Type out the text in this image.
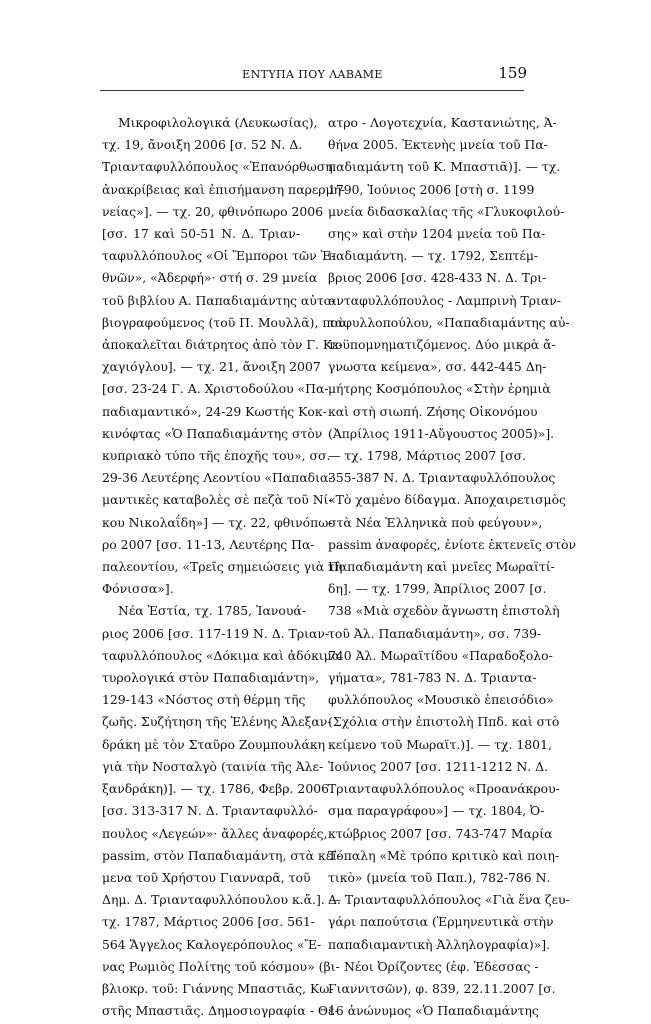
ΕΝΤΥΠΑ ΠΟΥ ΛΑΒΑΜΕ	159
Μικροφιλολογικά (Λευκωσίας),
τχ. 19, ἄνοιξη 2006 [σ. 52 Ν. Δ.
Τριανταφυλλόπουλος «Ἐπανόρθωση
ἀνακρίβειας καὶ ἐπισήμανση παρερμη-
νείας»]. — τχ. 20, φθινόπωρο 2006
[σσ. 17 καὶ 50-51 Ν. Δ. Τριαν-
ταφυλλόπουλος «Οἱ Ἔμποροι τῶν Ἐ-
θνῶν», «Ἀδερφή»· στή σ. 29 μνεία
τοῦ βιβλίου Α. Παπαδιαμάντης αὐτο-
βιογραφούμενος (τοῦ Π. Μουλλᾶ), ποὺ
ἀποκαλεῖται διάτρητος ἀπὸ τὸν Γ. Κε-
χαγιόγλου]. — τχ. 21, ἄνοιξη 2007
[σσ. 23-24 Γ. Α. Χριστοδούλου «Πα-
παδιαμαντικό», 24-29 Κωστής Κοκ-
κινόφτας «Ὁ Παπαδιαμάντης στὸν
κυπριακὸ τύπο τῆς ἐποχῆς του», σσ.
29-36 Λευτέρης Λεοντίου «Παπαδια-
μαντικὲς καταβολὲς σὲ πεζὰ τοῦ Νί-
κου Νικολαΐδη»] — τχ. 22, φθινόπω-
ρο 2007 [σσ. 11-13, Λευτέρης Πα-
παλεοντίου, «Τρεῖς σημειώσεις γιὰ τὴ
Φόνισσα»].
Νέα Ἑστία, τχ. 1785, Ἰανουά-
ριος 2006 [σσ. 117-119 Ν. Δ. Τριαν-
ταφυλλόπουλος «Δόκιμα καὶ ἀδόκιμα
τυρολογικά στὸν Παπαδιαμάντη»,
129-143 «Νόστος στὴ θέρμη τῆς
ζωῆς. Συζήτηση τῆς Ἑλένης Ἀλεξαν-
δράκη μὲ τὸν Σταῦρο Ζουμπουλάκη
γιὰ τὴν Νοσταλγὸ (ταινία τῆς Ἀλε-
ξανδράκη)]. — τχ. 1786, Φεβρ. 2006
[σσ. 313-317 Ν. Δ. Τριανταφυλλό-
πουλος «Λεγεών»· ἄλλες ἀναφορές,
passim, στὸν Παπαδιαμάντη, στὰ κεί-
μενα τοῦ Χρήστου Γιανναρᾶ, τοῦ
Δημ. Δ. Τριανταφυλλόπουλου κ.ἄ.]. —
τχ. 1787, Μάρτιος 2006 [σσ. 561-
564 Ἄγγελος Καλογερόπουλος «Ἔ-
νας Ρωμιὸς Πολίτης τοῦ κόσμου» (βι-
βλιοκρ. τοῦ: Γιάννης Μπαστιᾶς, Κω-
στῆς Μπαστιᾶς. Δημοσιογραφία - Θέ-
ατρο - Λογοτεχνία, Καστανιώτης, Ἀ-
θήνα 2005. Ἐκτενὴς μνεία τοῦ Πα-
παδιαμάντη τοῦ Κ. Μπαστιᾶ)]. — τχ.
1790, Ἰούνιος 2006 [στὴ σ. 1199
μνεία διδασκαλίας τῆς «Γλυκοφιλού-
σης» καὶ στὴν 1204 μνεία τοῦ Πα-
παδιαμάντη. — τχ. 1792, Σεπτέμ-
βριος 2006 [σσ. 428-433 Ν. Δ. Τρι-
ανταφυλλόπουλος - Λαμπρινὴ Τριαν-
ταφυλλοπούλου, «Παπαδιαμάντης αὐ-
τοϋπομνηματιζόμενος. Δύο μικρὰ ἄ-
γνωστα κείμενα», σσ. 442-445 Δη-
μήτρης Κοσμόπουλος «Στὴν ἐρημιὰ
καὶ στὴ σιωπή. Ζήσης Οἰκονόμου
(Ἀπρίλιος 1911-Αὔγουστος 2005)»].
— τχ. 1798, Μάρτιος 2007 [σσ.
355-387 Ν. Δ. Τριανταφυλλόπουλος
«Τὸ χαμένο δίδαγμα. Ἀποχαιρετισμὸς
στὰ Νέα Ἑλληνικὰ ποὺ φεύγουν»,
passim ἀναφορές, ἐνίοτε ἐκτενεῖς στὸν
Παπαδιαμάντη καὶ μνεῖες Μωραϊτί-
δη]. — τχ. 1799, Ἀπρίλιος 2007 [σ.
738 «Μιὰ σχεδὸν ἄγνωστη ἐπιστολὴ
τοῦ Ἀλ. Παπαδιαμάντη», σσ. 739-
740 Ἀλ. Μωραϊτίδου «Παραδοξολο-
γήματα», 781-783 Ν. Δ. Τριαντα-
φυλλόπουλος «Μουσικὸ ἐπεισόδιο»
(Σχόλια στὴν ἐπιστολὴ Ππδ. καὶ στὸ
κείμενο τοῦ Μωραϊτ.)]. — τχ. 1801,
Ἰούνιος 2007 [σσ. 1211-1212 Ν. Δ.
Τριανταφυλλόπουλος «Προανάκρου-
σμα παραγράφου»] — τχ. 1804, Ὀ-
κτώβριος 2007 [σσ. 743-747 Μαρία
Τόπαλη «Μὲ τρόπο κριτικὸ καὶ ποιη-
τικὸ» (μνεία τοῦ Παπ.), 782-786 Ν.
Δ. Τριανταφυλλόπουλος «Γιὰ ἕνα ζευ-
γάρι παπούτσια (Ἑρμηνευτικὰ στὴν
παπαδιαμαντικὴ Ἀλληλογραφία)»].
Νέοι Ὀρίζοντες (ἐφ. Ἐδεσσας -
Γιαννιτσῶν), φ. 839, 22.11.2007 [σ.
16 ἀνώνυμος «Ὁ Παπαδιαμάντης
